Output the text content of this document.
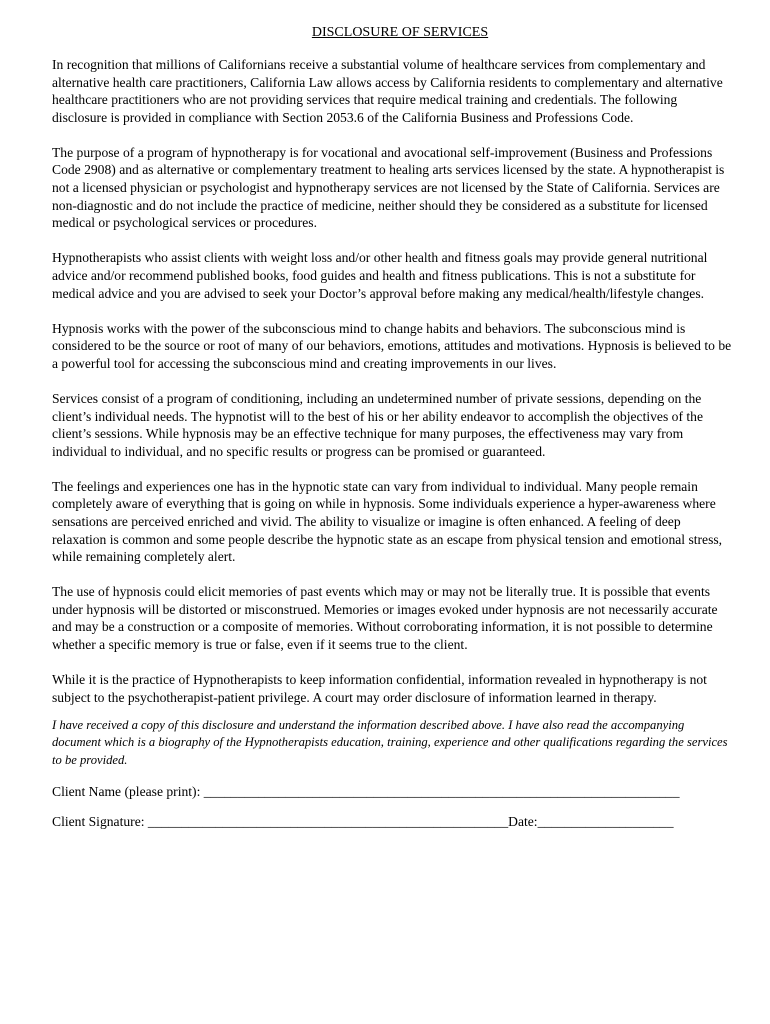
DISCLOSURE OF SERVICES

In recognition that millions of Californians receive a substantial volume of healthcare services from complementary and alternative health care practitioners, California Law allows access by California residents to complementary and alternative healthcare practitioners who are not providing services that require medical training and credentials. The following disclosure is provided in compliance with Section 2053.6 of the California Business and Professions Code.

The purpose of a program of hypnotherapy is for vocational and avocational self-improvement (Business and Professions Code 2908) and as alternative or complementary treatment to healing arts services licensed by the state. A hypnotherapist is not a licensed physician or psychologist and hypnotherapy services are not licensed by the State of California. Services are non-diagnostic and do not include the practice of medicine, neither should they be considered as a substitute for licensed medical or psychological services or procedures.

Hypnotherapists who assist clients with weight loss and/or other health and fitness goals may provide general nutritional advice and/or recommend published books, food guides and health and fitness publications. This is not a substitute for medical advice and you are advised to seek your Doctor’s approval before making any medical/health/lifestyle changes.

Hypnosis works with the power of the subconscious mind to change habits and behaviors. The subconscious mind is considered to be the source or root of many of our behaviors, emotions, attitudes and motivations. Hypnosis is believed to be a powerful tool for accessing the subconscious mind and creating improvements in our lives.

Services consist of a program of conditioning, including an undetermined number of private sessions, depending on the client’s individual needs. The hypnotist will to the best of his or her ability endeavor to accomplish the objectives of the client’s sessions. While hypnosis may be an effective technique for many purposes, the effectiveness may vary from individual to individual, and no specific results or progress can be promised or guaranteed.

The feelings and experiences one has in the hypnotic state can vary from individual to individual. Many people remain completely aware of everything that is going on while in hypnosis. Some individuals experience a hyper-awareness where sensations are perceived enriched and vivid. The ability to visualize or imagine is often enhanced. A feeling of deep relaxation is common and some people describe the hypnotic state as an escape from physical tension and emotional stress, while remaining completely alert.

The use of hypnosis could elicit memories of past events which may or may not be literally true. It is possible that events under hypnosis will be distorted or misconstrued. Memories or images evoked under hypnosis are not necessarily accurate and may be a construction or a composite of memories. Without corroborating information, it is not possible to determine whether a specific memory is true or false, even if it seems true to the client.

While it is the practice of Hypnotherapists to keep information confidential, information revealed in hypnotherapy is not subject to the psychotherapist-patient privilege. A court may order disclosure of information learned in therapy.

I have received a copy of this disclosure and understand the information described above. I have also read the accompanying document which is a biography of the Hypnotherapists education, training, experience and other qualifications regarding the services to be provided.

Client Name (please print): ______________________________________________________________________

Client Signature: _____________________________________________________Date:____________________
